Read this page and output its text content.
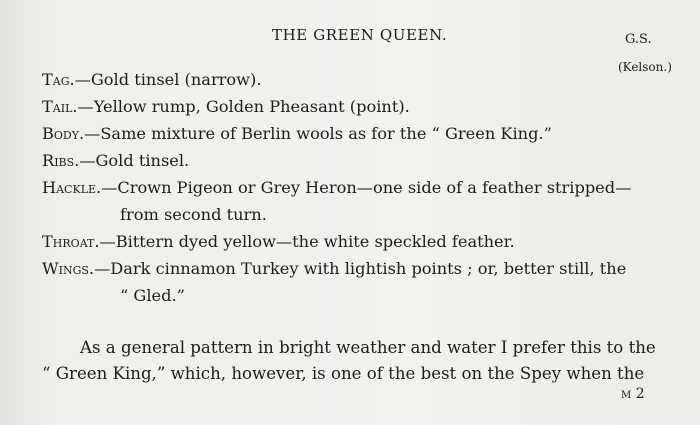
THE GREEN QUEEN.	G.S.
(Kelson.)
Tag.—Gold tinsel (narrow).
Tail.—Yellow rump, Golden Pheasant (point).
Body.—Same mixture of Berlin wools as for the “ Green King.”
Ribs.—Gold tinsel.
Hackle.—Crown Pigeon or Grey Heron—one side of a feather stripped—
from second turn.
Throat.—Bittern dyed yellow—the white speckled feather.
Wings.—Dark cinnamon Turkey with lightish points ; or, better still, the
“ Gled.”
As a general pattern in bright weather and water I prefer this to the
“ Green King,” which, however, is one of the best on the Spey when the
m 2
